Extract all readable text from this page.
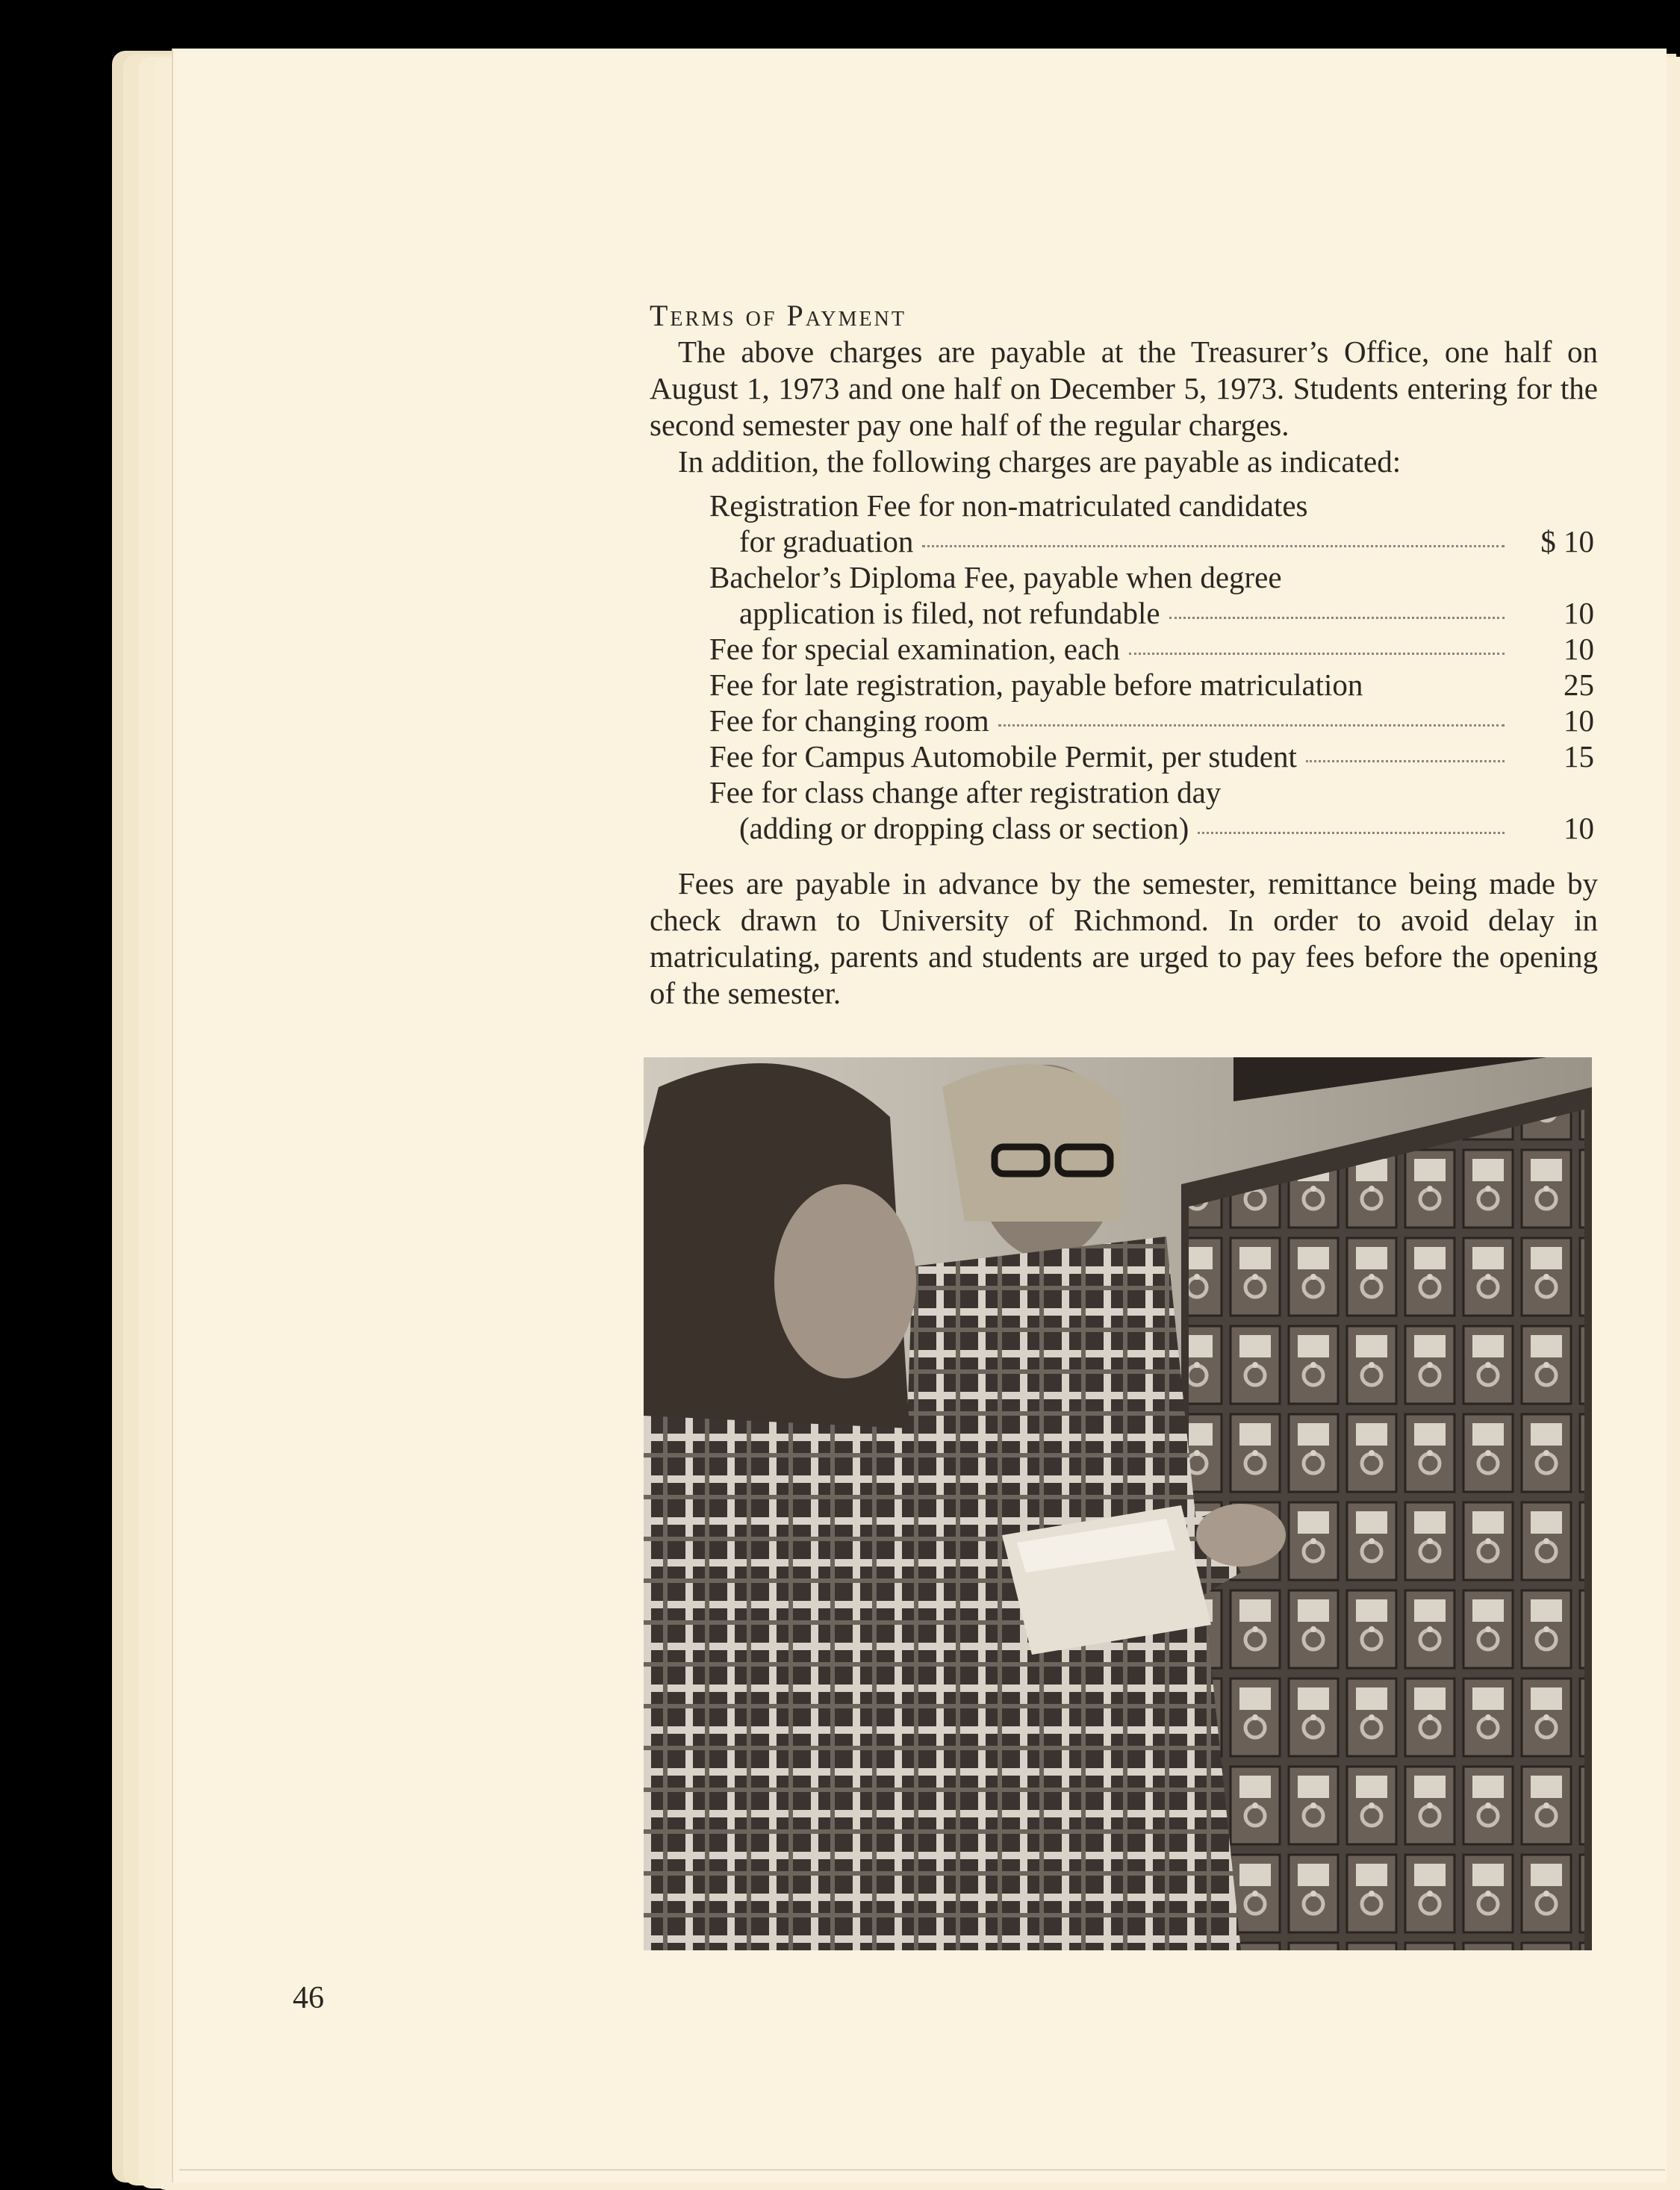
Terms of Payment

The above charges are payable at the Treasurer’s Office, one half on August 1, 1973 and one half on December 5, 1973. Students entering for the second semester pay one half of the regular charges.

In addition, the following charges are payable as indicated:

Registration Fee for non-matriculated candidates
for graduation	$ 10
Bachelor’s Diploma Fee, payable when degree
application is filed, not refundable	10
Fee for special examination, each	10
Fee for late registration, payable before matriculation	25
Fee for changing room	10
Fee for Campus Automobile Permit, per student	15
Fee for class change after registration day
(adding or dropping class or section)	10

Fees are payable in advance by the semester, remittance being made by check drawn to University of Richmond. In order to avoid delay in matriculating, parents and students are urged to pay fees before the opening of the semester.

46
